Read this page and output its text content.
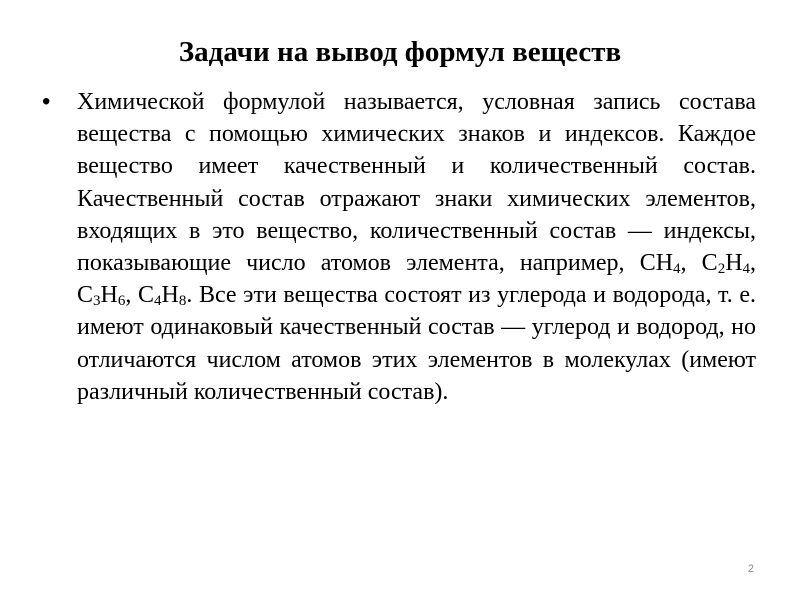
Задачи на вывод формул веществ
• Химической формулой называется, условная запись состава вещества с помощью химических знаков и индексов. Каждое вещество имеет качественный и количественный состав. Качественный состав отражают знаки химических элементов, входящих в это вещество, количественный состав — индексы, показывающие число атомов элемента, например, $CH_4$, $C_2H_4$, $C_3H_6$, $C_4H_8$. Все эти вещества состоят из углерода и водорода, т. е. имеют одинаковый качественный состав — углерод и водород, но отличаются числом атомов этих элементов в молекулах (имеют различный количественный состав).
2
